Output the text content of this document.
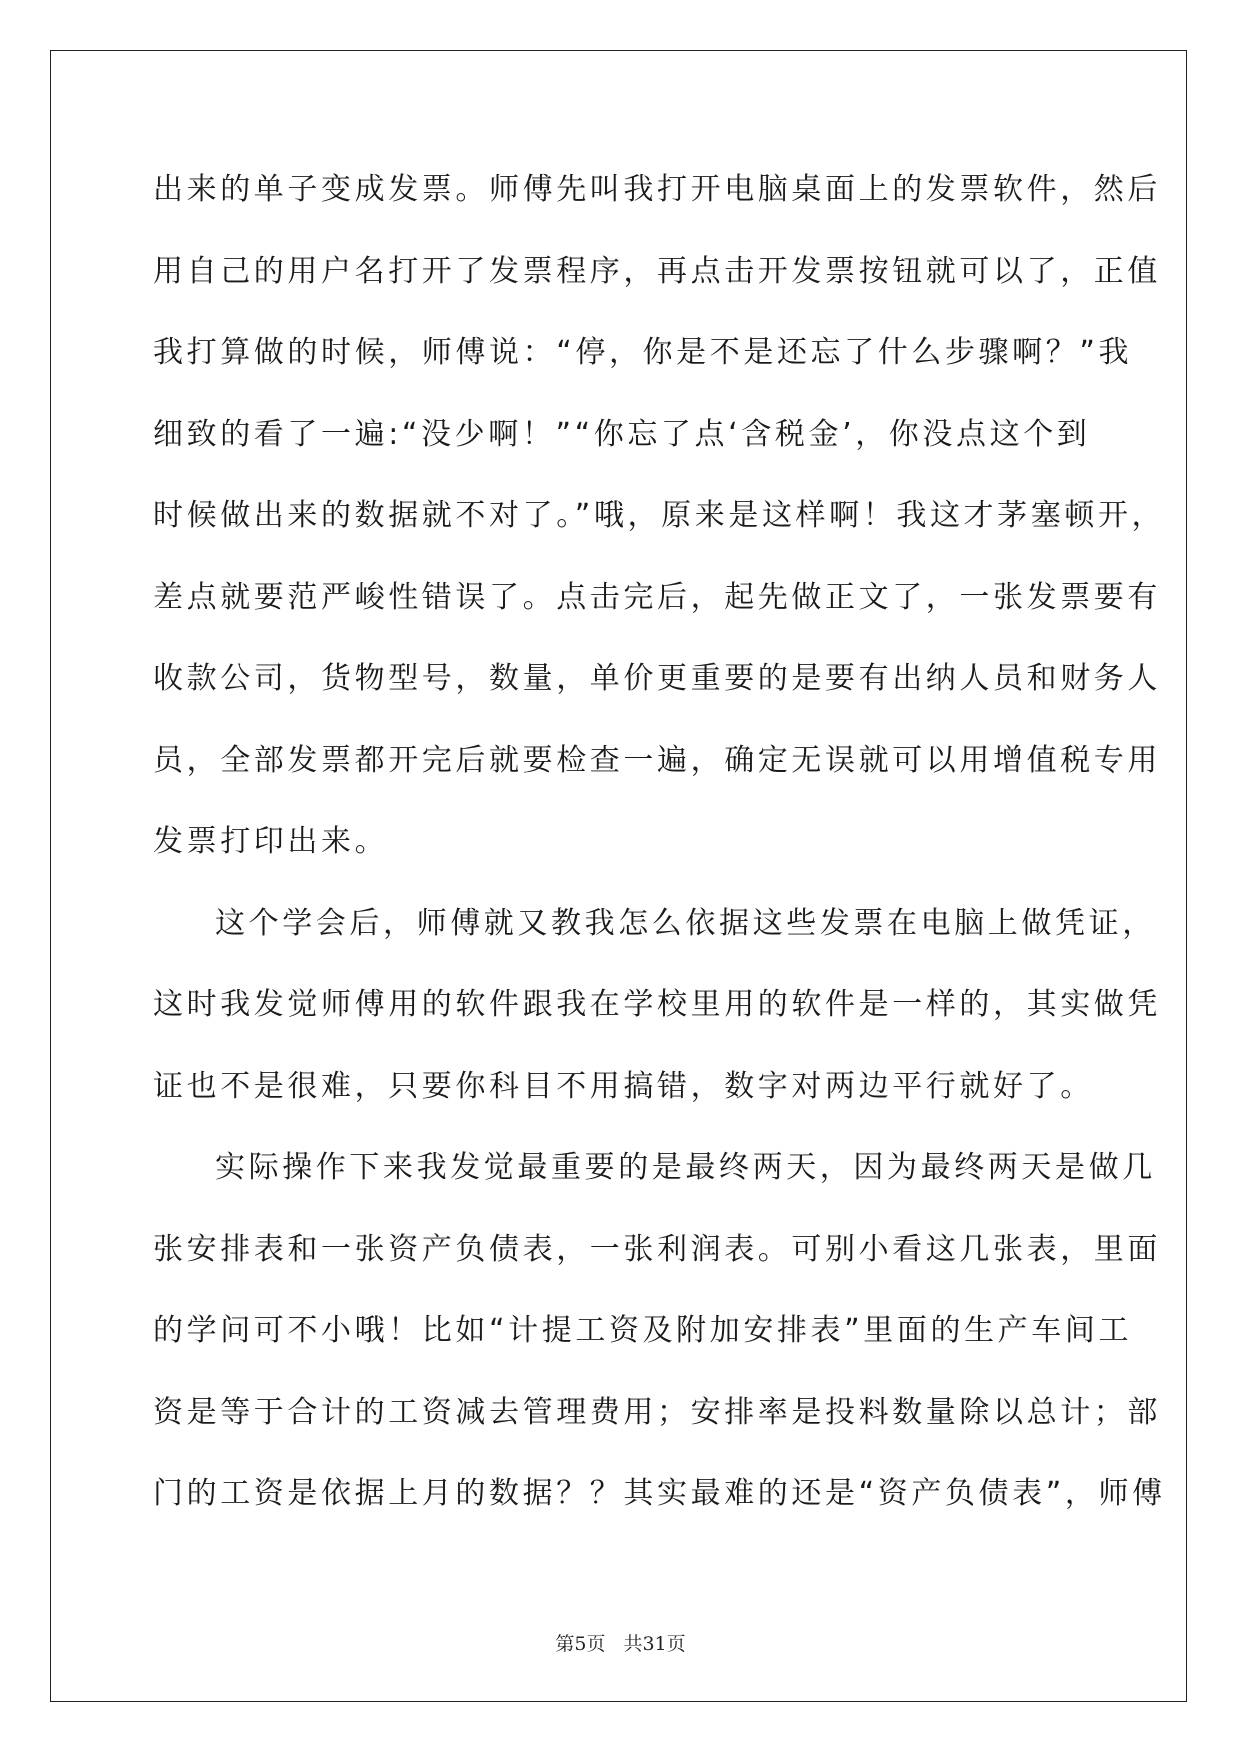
出来的单子变成发票。师傅先叫我打开电脑桌面上的发票软件，然后
用自己的用户名打开了发票程序，再点击开发票按钮就可以了，正值
我打算做的时候，师傅说：“停，你是不是还忘了什么步骤啊？”我
细致的看了一遍:“没少啊！”“你忘了点‘含税金’，你没点这个到
时候做出来的数据就不对了。”哦，原来是这样啊！我这才茅塞顿开，
差点就要范严峻性错误了。点击完后，起先做正文了，一张发票要有
收款公司，货物型号，数量，单价更重要的是要有出纳人员和财务人
员，全部发票都开完后就要检查一遍，确定无误就可以用增值税专用
发票打印出来。
这个学会后，师傅就又教我怎么依据这些发票在电脑上做凭证，
这时我发觉师傅用的软件跟我在学校里用的软件是一样的，其实做凭
证也不是很难，只要你科目不用搞错，数字对两边平行就好了。
实际操作下来我发觉最重要的是最终两天，因为最终两天是做几
张安排表和一张资产负债表，一张利润表。可别小看这几张表，里面
的学问可不小哦！比如“计提工资及附加安排表”里面的生产车间工
资是等于合计的工资减去管理费用；安排率是投料数量除以总计；部
门的工资是依据上月的数据？？其实最难的还是“资产负债表”，师傅
第5页 共31页
